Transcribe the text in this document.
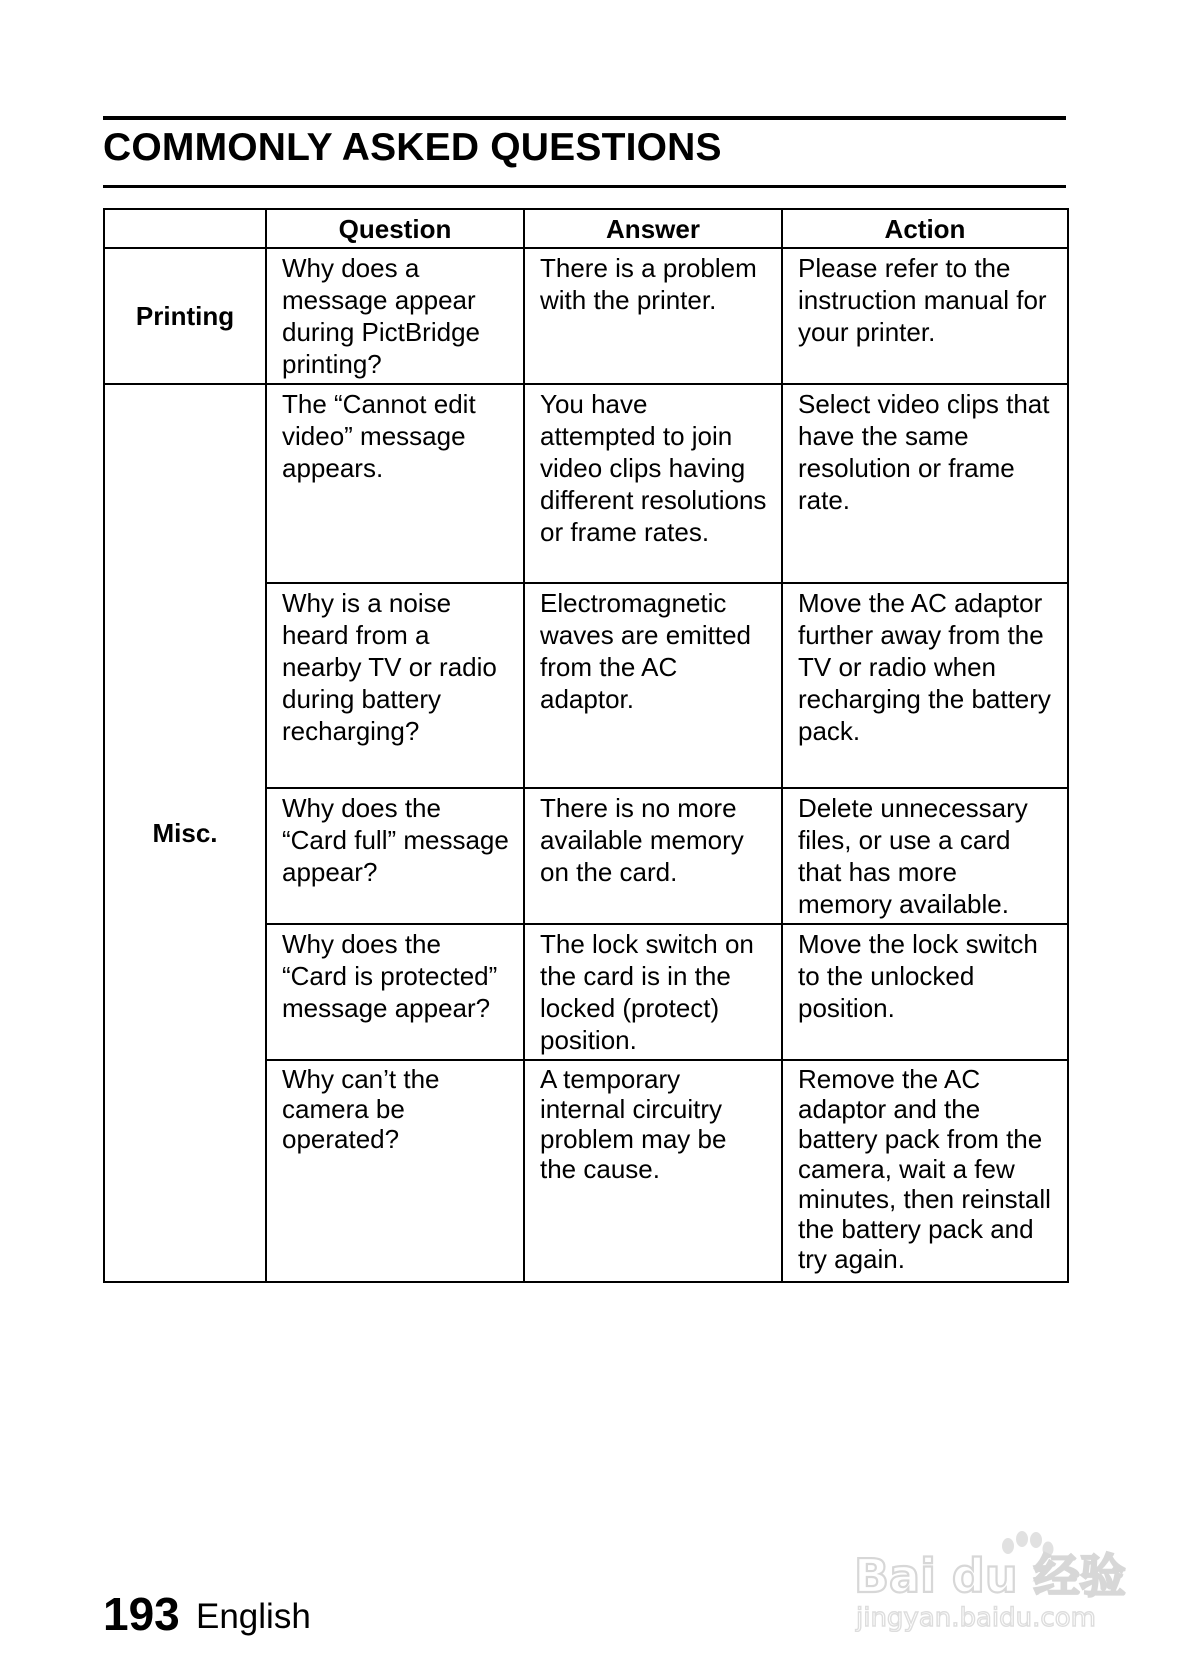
COMMONLY ASKED QUESTIONS
	Question	Answer	Action
Printing	Why does a message appear during PictBridge printing?	There is a problem with the printer.	Please refer to the instruction manual for your printer.
Misc.	The “Cannot edit video” message appears.	You have attempted to join video clips having different resolutions or frame rates.	Select video clips that have the same resolution or frame rate.
	Why is a noise heard from a nearby TV or radio during battery recharging?	Electromagnetic waves are emitted from the AC adaptor.	Move the AC adaptor further away from the TV or radio when recharging the battery pack.
	Why does the “Card full” message appear?	There is no more available memory on the card.	Delete unnecessary files, or use a card that has more memory available.
	Why does the “Card is protected” message appear?	The lock switch on the card is in the locked (protect) position.	Move the lock switch to the unlocked position.
	Why can’t the camera be operated?	A temporary internal circuitry problem may be the cause.	Remove the AC adaptor and the battery pack from the camera, wait a few minutes, then reinstall the battery pack and try again.
193 English
Bai du 经验
jingyan.baidu.com
